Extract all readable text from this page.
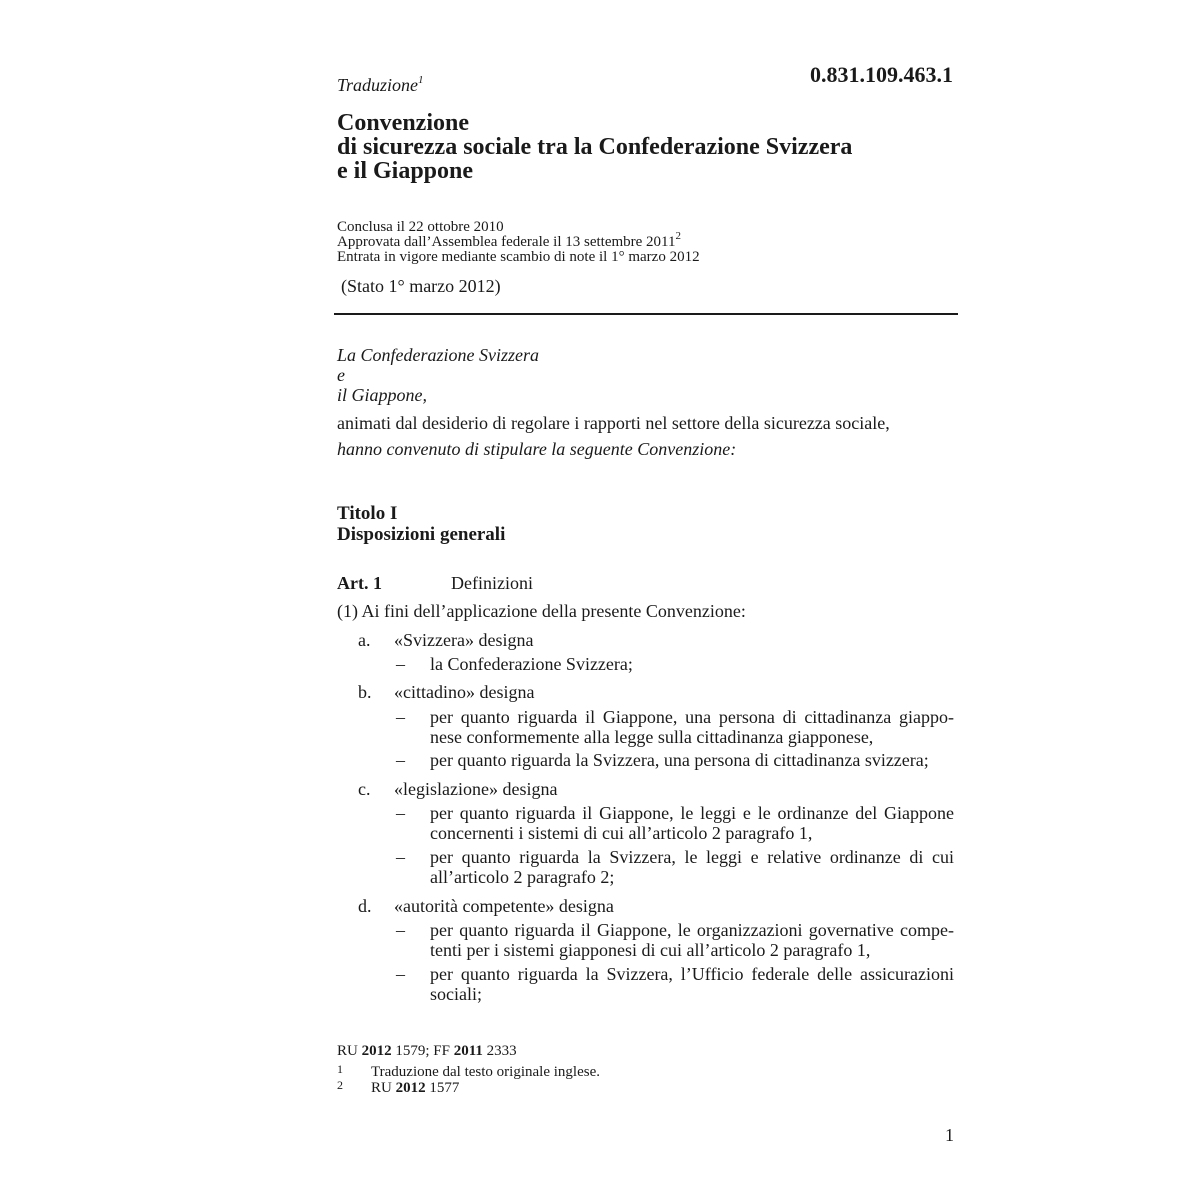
Traduzione$^1$	0.831.109.463.1
Convenzione
di sicurezza sociale tra la Confederazione Svizzera
e il Giappone
Conclusa il 22 ottobre 2010
Approvata dall’Assemblea federale il 13 settembre 2011$^2$
Entrata in vigore mediante scambio di note il 1° marzo 2012
(Stato 1° marzo 2012)
La Confederazione Svizzera
e
il Giappone,
animati dal desiderio di regolare i rapporti nel settore della sicurezza sociale,
hanno convenuto di stipulare la seguente Convenzione:
Titolo I
Disposizioni generali
Art. 1	Definizioni
(1) Ai fini dell’applicazione della presente Convenzione:
a. «Svizzera» designa
– la Confederazione Svizzera;
b. «cittadino» designa
– per quanto riguarda il Giappone, una persona di cittadinanza giappo-
nese conformemente alla legge sulla cittadinanza giapponese,
– per quanto riguarda la Svizzera, una persona di cittadinanza svizzera;
c. «legislazione» designa
– per quanto riguarda il Giappone, le leggi e le ordinanze del Giappone
concernenti i sistemi di cui all’articolo 2 paragrafo 1,
– per quanto riguarda la Svizzera, le leggi e relative ordinanze di cui
all’articolo 2 paragrafo 2;
d. «autorità competente» designa
– per quanto riguarda il Giappone, le organizzazioni governative compe-
tenti per i sistemi giapponesi di cui all’articolo 2 paragrafo 1,
– per quanto riguarda la Svizzera, l’Ufficio federale delle assicurazioni
sociali;
RU 2012 1579; FF 2011 2333
1 Traduzione dal testo originale inglese.
2 RU 2012 1577
1
